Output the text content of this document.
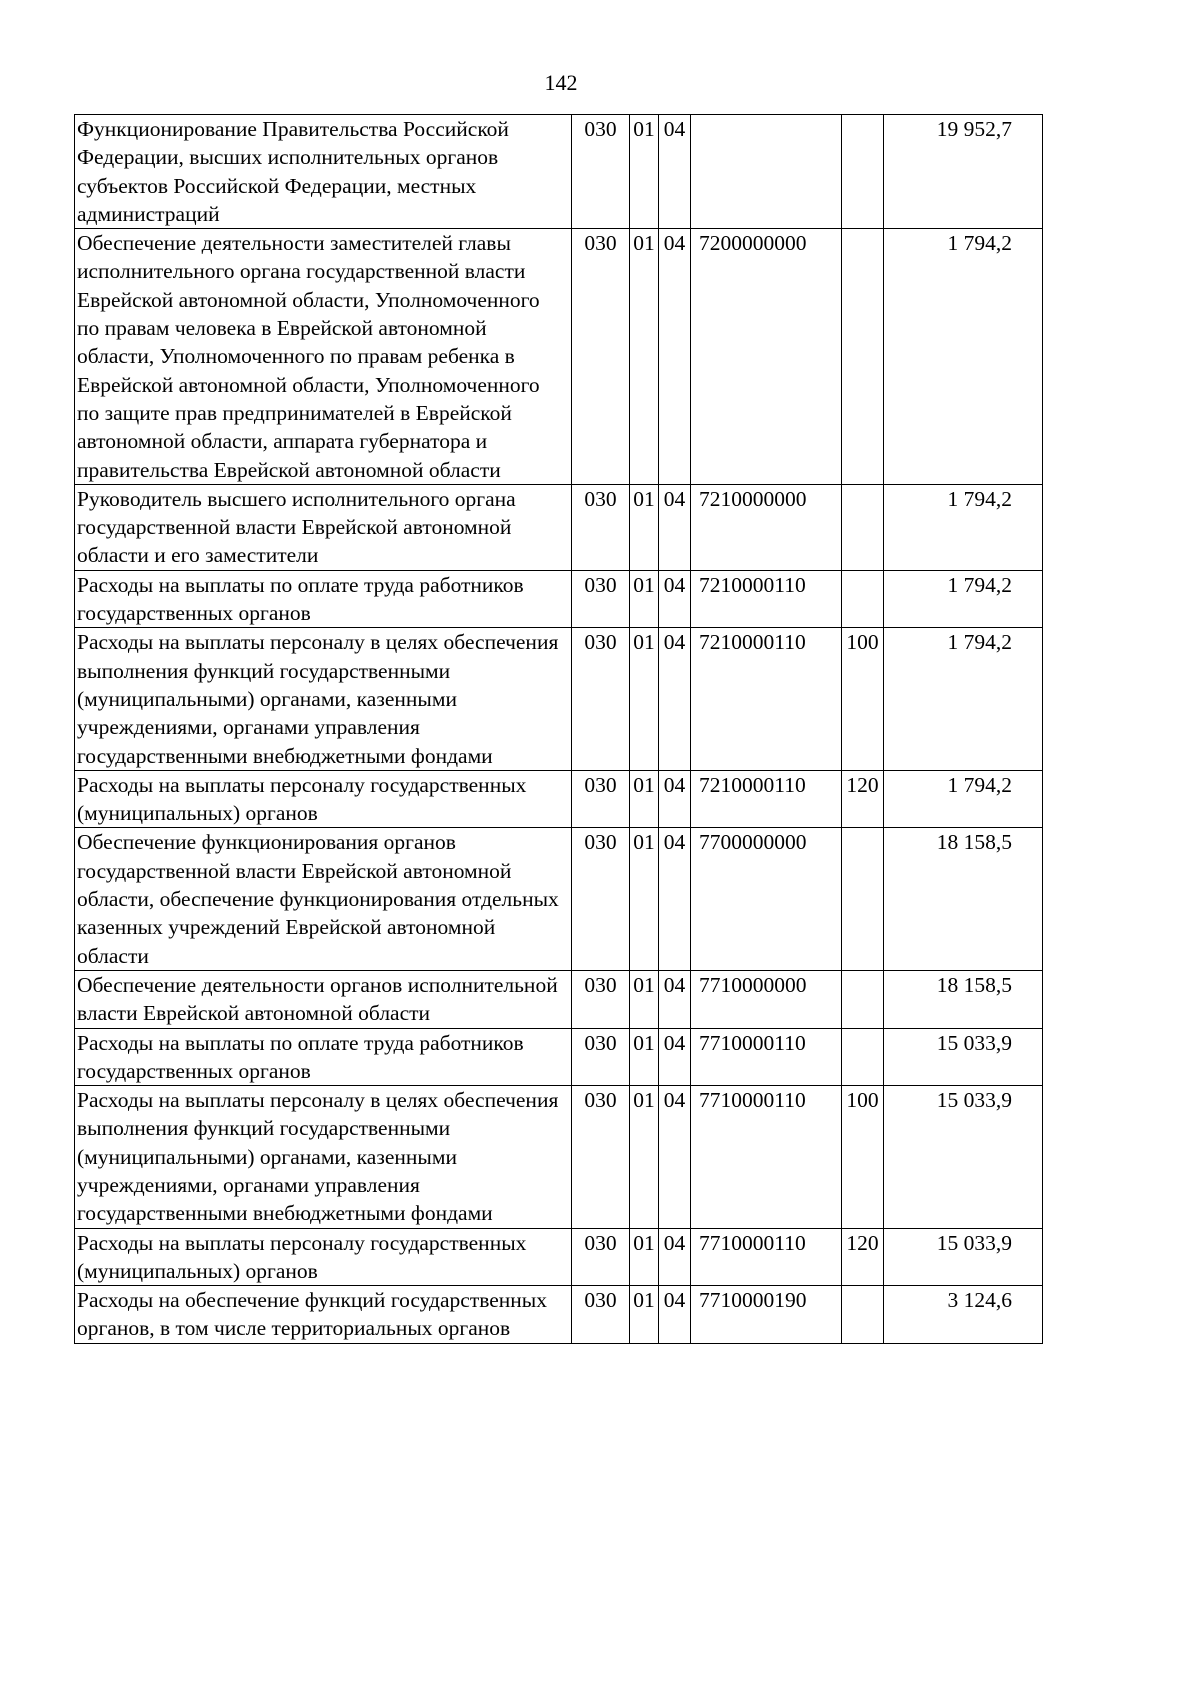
142
Функционирование Правительства Российской Федерации, высших исполнительных органов субъектов Российской Федерации, местных администраций	030	01	04			19 952,7
Обеспечение деятельности заместителей главы исполнительного органа государственной власти Еврейской автономной области, Уполномоченного по правам человека в Еврейской автономной области, Уполномоченного по правам ребенка в Еврейской автономной области, Уполномоченного по защите прав предпринимателей в Еврейской автономной области, аппарата губернатора и правительства Еврейской автономной области	030	01	04	7200000000		1 794,2
Руководитель высшего исполнительного органа государственной власти Еврейской автономной области и его заместители	030	01	04	7210000000		1 794,2
Расходы на выплаты по оплате труда работников государственных органов	030	01	04	7210000110		1 794,2
Расходы на выплаты персоналу в целях обеспечения выполнения функций государственными (муниципальными) органами, казенными учреждениями, органами управления государственными внебюджетными фондами	030	01	04	7210000110	100	1 794,2
Расходы на выплаты персоналу государственных (муниципальных) органов	030	01	04	7210000110	120	1 794,2
Обеспечение функционирования органов государственной власти Еврейской автономной области, обеспечение функционирования отдельных казенных учреждений Еврейской автономной области	030	01	04	7700000000		18 158,5
Обеспечение деятельности органов исполнительной власти Еврейской автономной области	030	01	04	7710000000		18 158,5
Расходы на выплаты по оплате труда работников государственных органов	030	01	04	7710000110		15 033,9
Расходы на выплаты персоналу в целях обеспечения выполнения функций государственными (муниципальными) органами, казенными учреждениями, органами управления государственными внебюджетными фондами	030	01	04	7710000110	100	15 033,9
Расходы на выплаты персоналу государственных (муниципальных) органов	030	01	04	7710000110	120	15 033,9
Расходы на обеспечение функций государственных органов, в том числе территориальных органов	030	01	04	7710000190		3 124,6
